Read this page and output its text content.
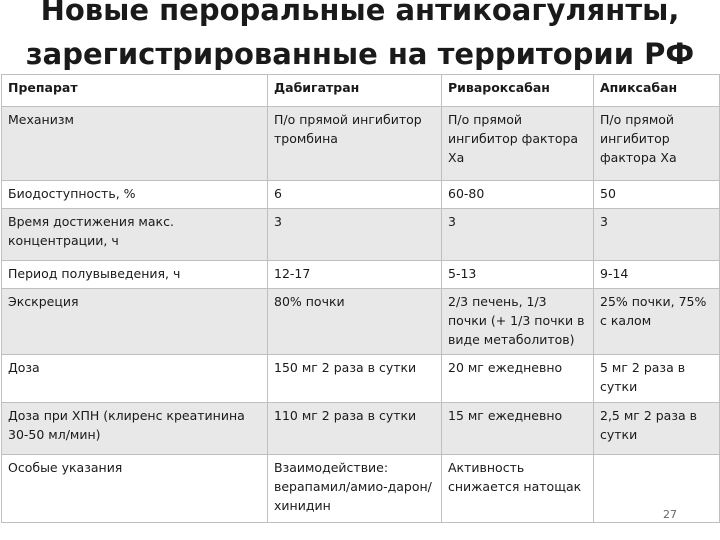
Новые пероральные антикоагулянты,
зарегистрированные на территории РФ
Препарат	Дабигатран	Ривароксабан	Апиксабан
Механизм	П/о прямой ингибитор тромбина	П/о прямой ингибитор фактора Ха	П/о прямой ингибитор фактора Ха
Биодоступность, %	6	60-80	50
Время достижения макс. концентрации, ч	3	3	3
Период полувыведения, ч	12-17	5-13	9-14
Экскреция	80% почки	2/3 печень, 1/3 почки (+ 1/3 почки в виде метаболитов)	25% почки, 75% с калом
Доза	150 мг 2 раза в сутки	20 мг ежедневно	5 мг 2 раза в сутки
Доза при ХПН (клиренс креатинина 30-50 мл/мин)	110 мг 2 раза в сутки	15 мг ежедневно	2,5 мг 2 раза в сутки
Особые указания	Взаимодействие: верапамил/амио-дарон/хинидин	Активность снижается натощак	
27
